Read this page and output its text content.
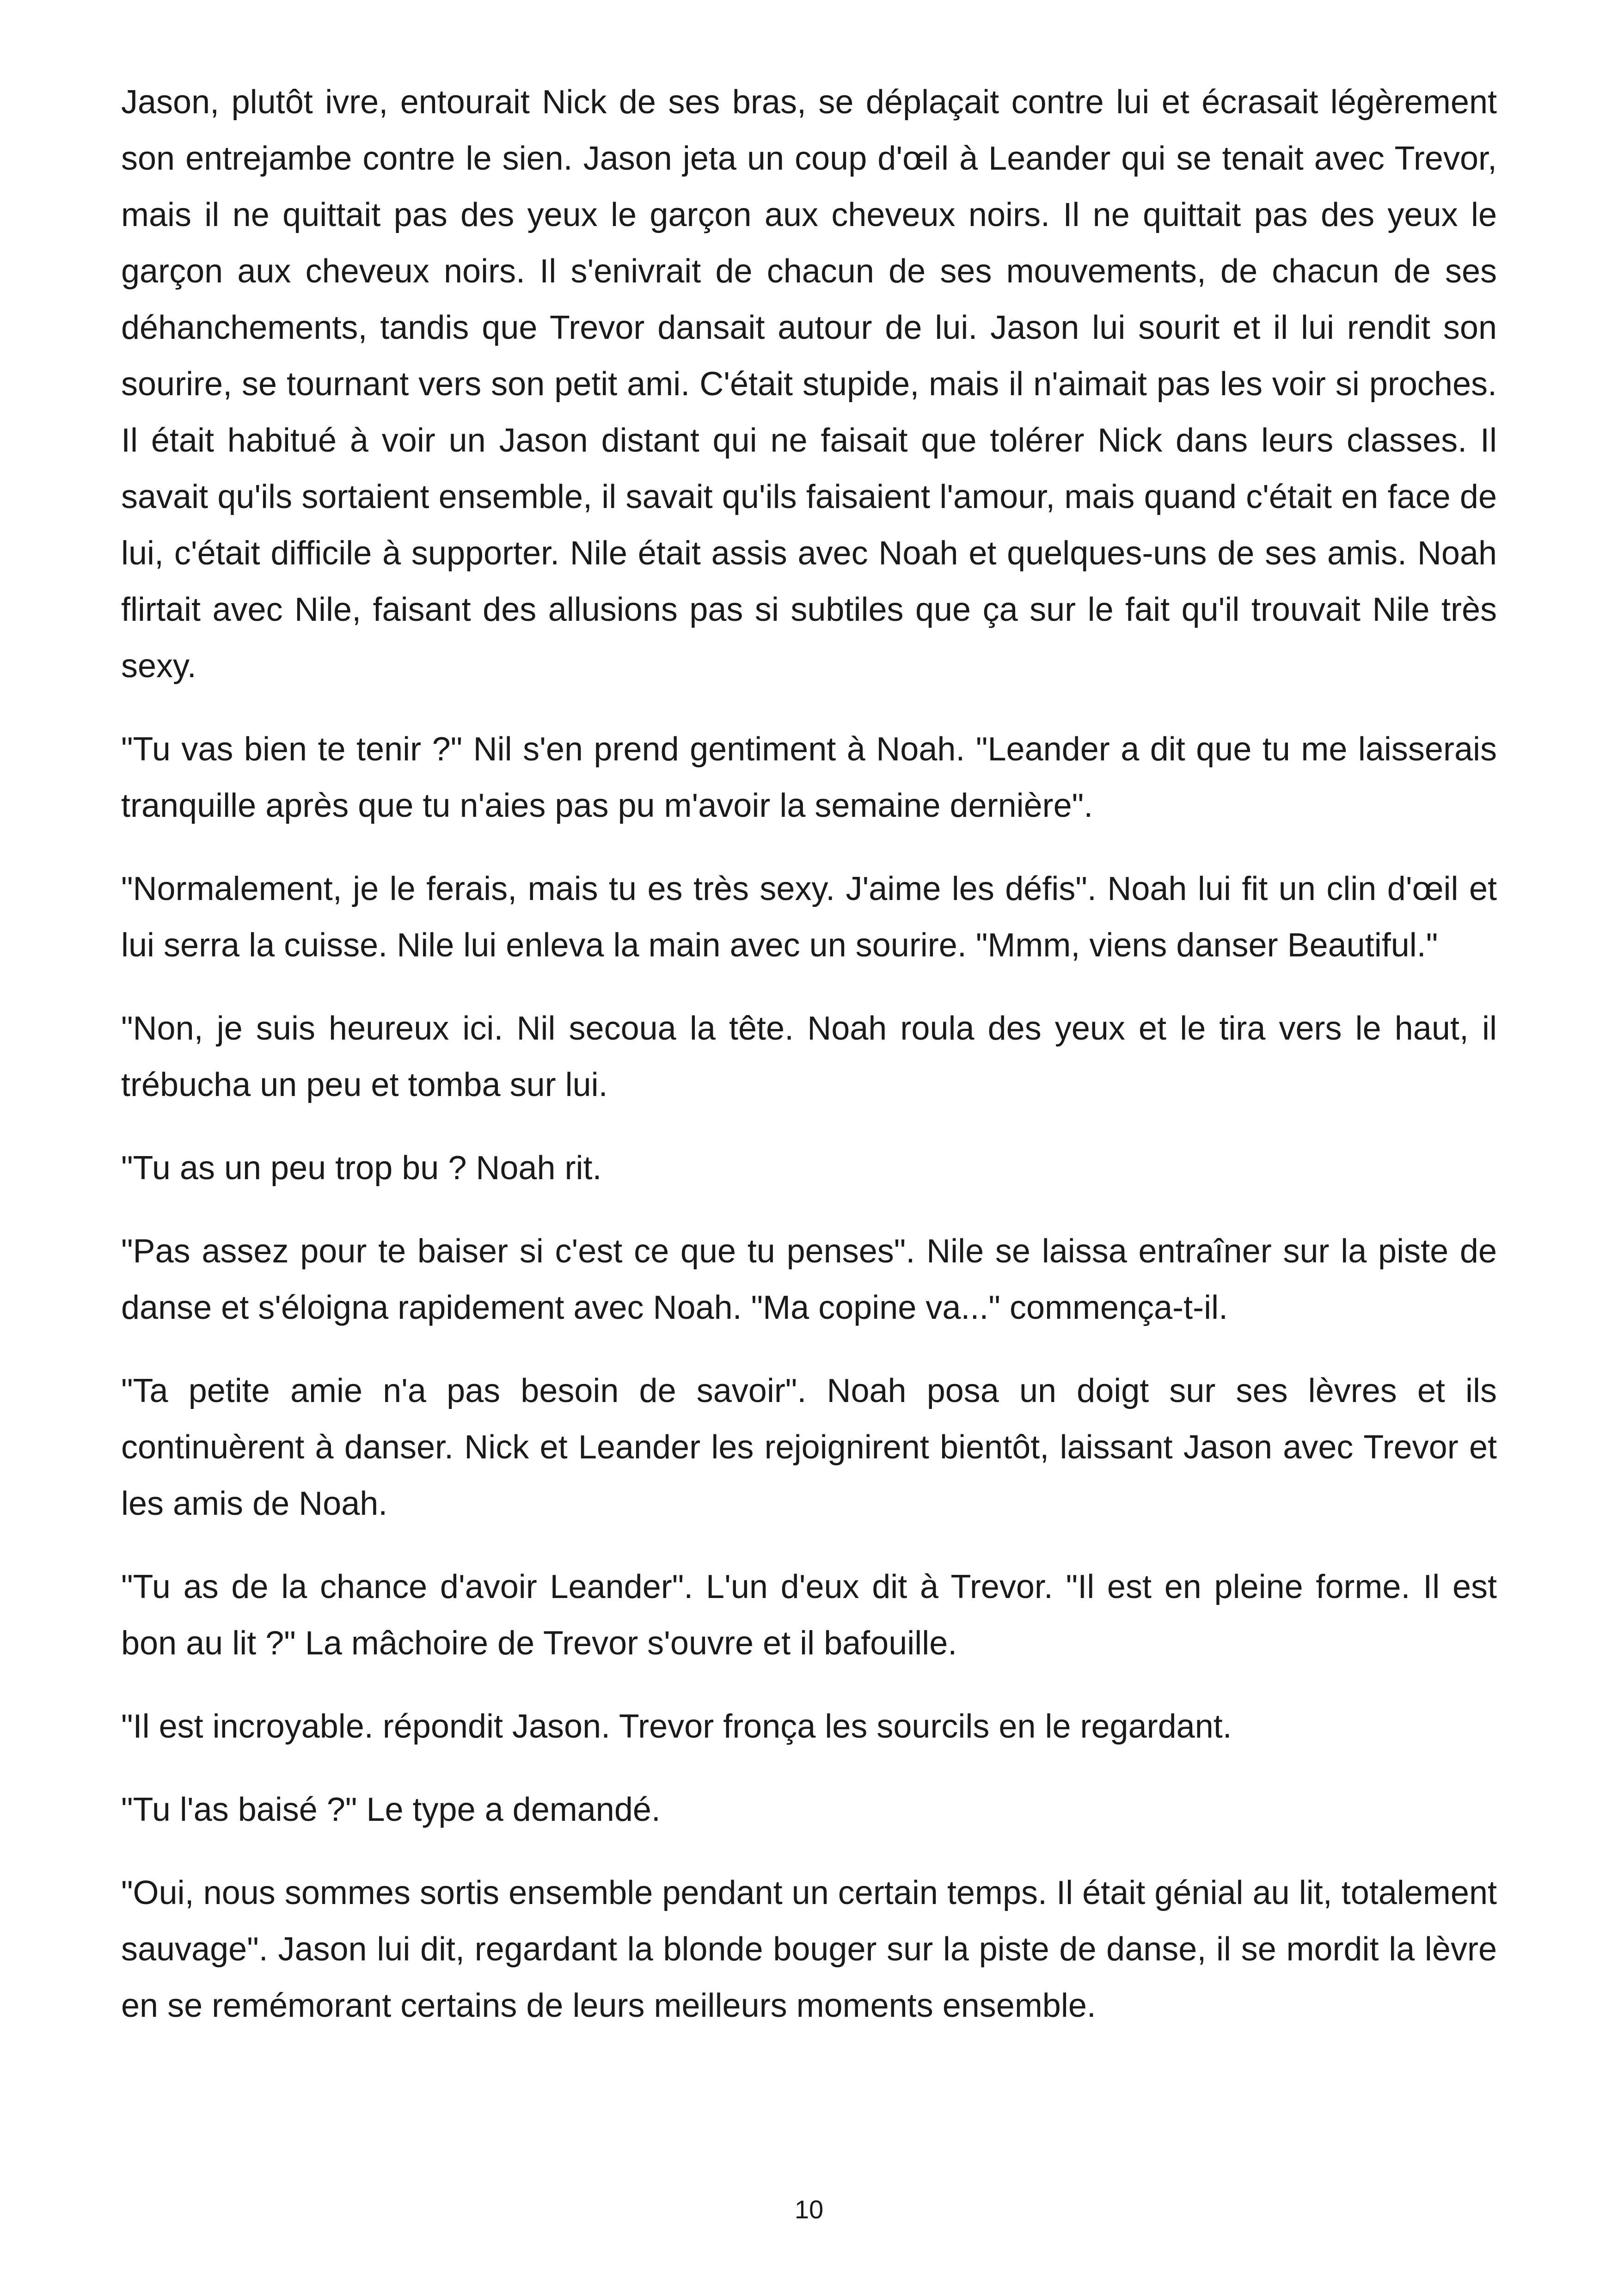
Jason, plutôt ivre, entourait Nick de ses bras, se déplaçait contre lui et écrasait légèrement son entrejambe contre le sien. Jason jeta un coup d'œil à Leander qui se tenait avec Trevor, mais il ne quittait pas des yeux le garçon aux cheveux noirs. Il ne quittait pas des yeux le garçon aux cheveux noirs. Il s'enivrait de chacun de ses mouvements, de chacun de ses déhanchements, tandis que Trevor dansait autour de lui. Jason lui sourit et il lui rendit son sourire, se tournant vers son petit ami. C'était stupide, mais il n'aimait pas les voir si proches. Il était habitué à voir un Jason distant qui ne faisait que tolérer Nick dans leurs classes. Il savait qu'ils sortaient ensemble, il savait qu'ils faisaient l'amour, mais quand c'était en face de lui, c'était difficile à supporter. Nile était assis avec Noah et quelques-uns de ses amis. Noah flirtait avec Nile, faisant des allusions pas si subtiles que ça sur le fait qu'il trouvait Nile très sexy.

"Tu vas bien te tenir ?" Nil s'en prend gentiment à Noah. "Leander a dit que tu me laisserais tranquille après que tu n'aies pas pu m'avoir la semaine dernière".

"Normalement, je le ferais, mais tu es très sexy. J'aime les défis". Noah lui fit un clin d'œil et lui serra la cuisse. Nile lui enleva la main avec un sourire. "Mmm, viens danser Beautiful."

"Non, je suis heureux ici. Nil secoua la tête. Noah roula des yeux et le tira vers le haut, il trébucha un peu et tomba sur lui.

"Tu as un peu trop bu ? Noah rit.

"Pas assez pour te baiser si c'est ce que tu penses". Nile se laissa entraîner sur la piste de danse et s'éloigna rapidement avec Noah. "Ma copine va..." commença-t-il.

"Ta petite amie n'a pas besoin de savoir". Noah posa un doigt sur ses lèvres et ils continuèrent à danser. Nick et Leander les rejoignirent bientôt, laissant Jason avec Trevor et les amis de Noah.

"Tu as de la chance d'avoir Leander". L'un d'eux dit à Trevor. "Il est en pleine forme. Il est bon au lit ?" La mâchoire de Trevor s'ouvre et il bafouille.

"Il est incroyable. répondit Jason. Trevor fronça les sourcils en le regardant.

"Tu l'as baisé ?" Le type a demandé.

"Oui, nous sommes sortis ensemble pendant un certain temps. Il était génial au lit, totalement sauvage". Jason lui dit, regardant la blonde bouger sur la piste de danse, il se mordit la lèvre en se remémorant certains de leurs meilleurs moments ensemble.

10
